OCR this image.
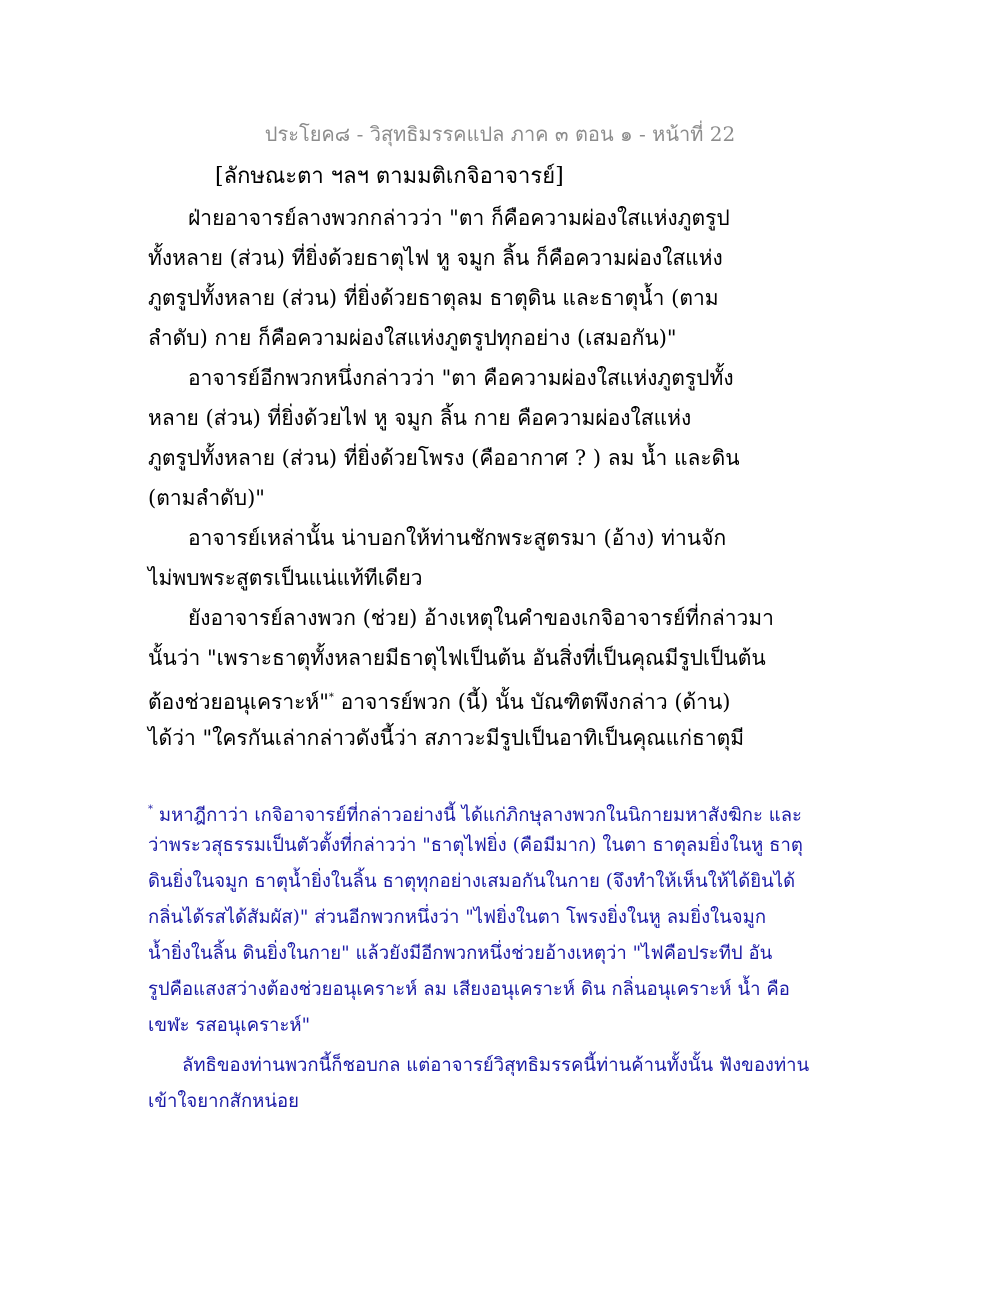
ประโยค๘ - วิสุทธิมรรคแปล ภาค ๓ ตอน ๑ - หน้าที่ 22
[ลักษณะตา ฯลฯ ตามมติเกจิอาจารย์]
ฝ่ายอาจารย์ลางพวกกล่าวว่า "ตา ก็คือความผ่องใสแห่งภูตรูป
ทั้งหลาย (ส่วน) ที่ยิ่งด้วยธาตุไฟ หู จมูก ลิ้น ก็คือความผ่องใสแห่ง
ภูตรูปทั้งหลาย (ส่วน) ที่ยิ่งด้วยธาตุลม ธาตุดิน และธาตุน้ำ (ตาม
ลำดับ) กาย ก็คือความผ่องใสแห่งภูตรูปทุกอย่าง (เสมอกัน)"
อาจารย์อีกพวกหนึ่งกล่าวว่า "ตา คือความผ่องใสแห่งภูตรูปทั้ง
หลาย (ส่วน) ที่ยิ่งด้วยไฟ หู จมูก ลิ้น กาย คือความผ่องใสแห่ง
ภูตรูปทั้งหลาย (ส่วน) ที่ยิ่งด้วยโพรง (คืออากาศ ? ) ลม น้ำ และดิน
(ตามลำดับ)"
อาจารย์เหล่านั้น น่าบอกให้ท่านชักพระสูตรมา (อ้าง) ท่านจัก
ไม่พบพระสูตรเป็นแน่แท้ทีเดียว
ยังอาจารย์ลางพวก (ช่วย) อ้างเหตุในคำของเกจิอาจารย์ที่กล่าวมา
นั้นว่า "เพราะธาตุทั้งหลายมีธาตุไฟเป็นต้น อันสิ่งที่เป็นคุณมีรูปเป็นต้น
ต้องช่วยอนุเคราะห์"* อาจารย์พวก (นี้) นั้น บัณฑิตพึงกล่าว (ด้าน)
ได้ว่า "ใครกันเล่ากล่าวดังนี้ว่า สภาวะมีรูปเป็นอาทิเป็นคุณแก่ธาตุมี
* มหาฎีกาว่า เกจิอาจารย์ที่กล่าวอย่างนี้ ได้แก่ภิกษุลางพวกในนิกายมหาสังฆิกะ และ
ว่าพระวสุธรรมเป็นตัวตั้งที่กล่าวว่า "ธาตุไฟยิ่ง (คือมีมาก) ในตา ธาตุลมยิ่งในหู ธาตุ
ดินยิ่งในจมูก ธาตุน้ำยิ่งในลิ้น ธาตุทุกอย่างเสมอกันในกาย (จึงทำให้เห็นให้ได้ยินได้
กลิ่นได้รสได้สัมผัส)" ส่วนอีกพวกหนึ่งว่า "ไฟยิ่งในตา โพรงยิ่งในหู ลมยิ่งในจมูก
น้ำยิ่งในลิ้น ดินยิ่งในกาย" แล้วยังมีอีกพวกหนึ่งช่วยอ้างเหตุว่า "ไฟคือประทีป อัน
รูปคือแสงสว่างต้องช่วยอนุเคราะห์ ลม เสียงอนุเคราะห์ ดิน กลิ่นอนุเคราะห์ น้ำ คือ
เขฬะ รสอนุเคราะห์"
ลัทธิของท่านพวกนี้ก็ชอบกล แต่อาจารย์วิสุทธิมรรคนี้ท่านค้านทั้งนั้น ฟังของท่าน
เข้าใจยากสักหน่อย
